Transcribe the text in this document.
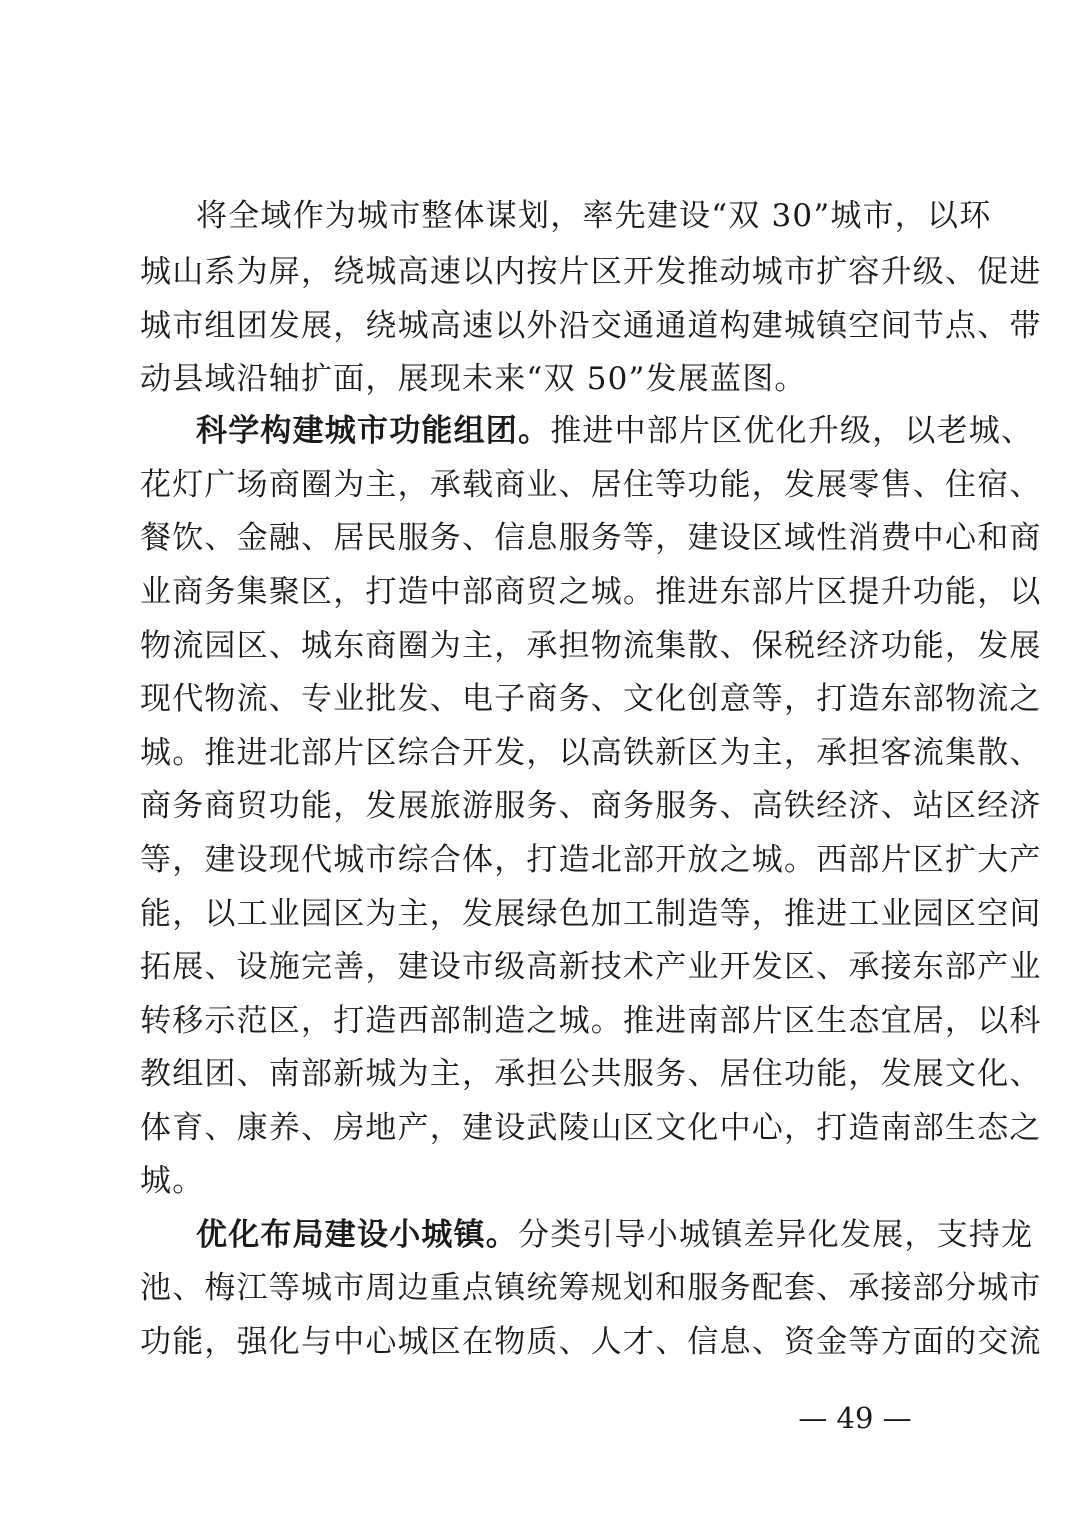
将全域作为城市整体谋划，率先建设“双 30”城市，以环
城山系为屏，绕城高速以内按片区开发推动城市扩容升级、促进
城市组团发展，绕城高速以外沿交通通道构建城镇空间节点、带
动县域沿轴扩面，展现未来“双 50”发展蓝图。
科学构建城市功能组团。推进中部片区优化升级，以老城、
花灯广场商圈为主，承载商业、居住等功能，发展零售、住宿、
餐饮、金融、居民服务、信息服务等，建设区域性消费中心和商
业商务集聚区，打造中部商贸之城。推进东部片区提升功能，以
物流园区、城东商圈为主，承担物流集散、保税经济功能，发展
现代物流、专业批发、电子商务、文化创意等，打造东部物流之
城。推进北部片区综合开发，以高铁新区为主，承担客流集散、
商务商贸功能，发展旅游服务、商务服务、高铁经济、站区经济
等，建设现代城市综合体，打造北部开放之城。西部片区扩大产
能，以工业园区为主，发展绿色加工制造等，推进工业园区空间
拓展、设施完善，建设市级高新技术产业开发区、承接东部产业
转移示范区，打造西部制造之城。推进南部片区生态宜居，以科
教组团、南部新城为主，承担公共服务、居住功能，发展文化、
体育、康养、房地产，建设武陵山区文化中心，打造南部生态之
城。
优化布局建设小城镇。分类引导小城镇差异化发展，支持龙
池、梅江等城市周边重点镇统筹规划和服务配套、承接部分城市
功能，强化与中心城区在物质、人才、信息、资金等方面的交流
— 49 —
